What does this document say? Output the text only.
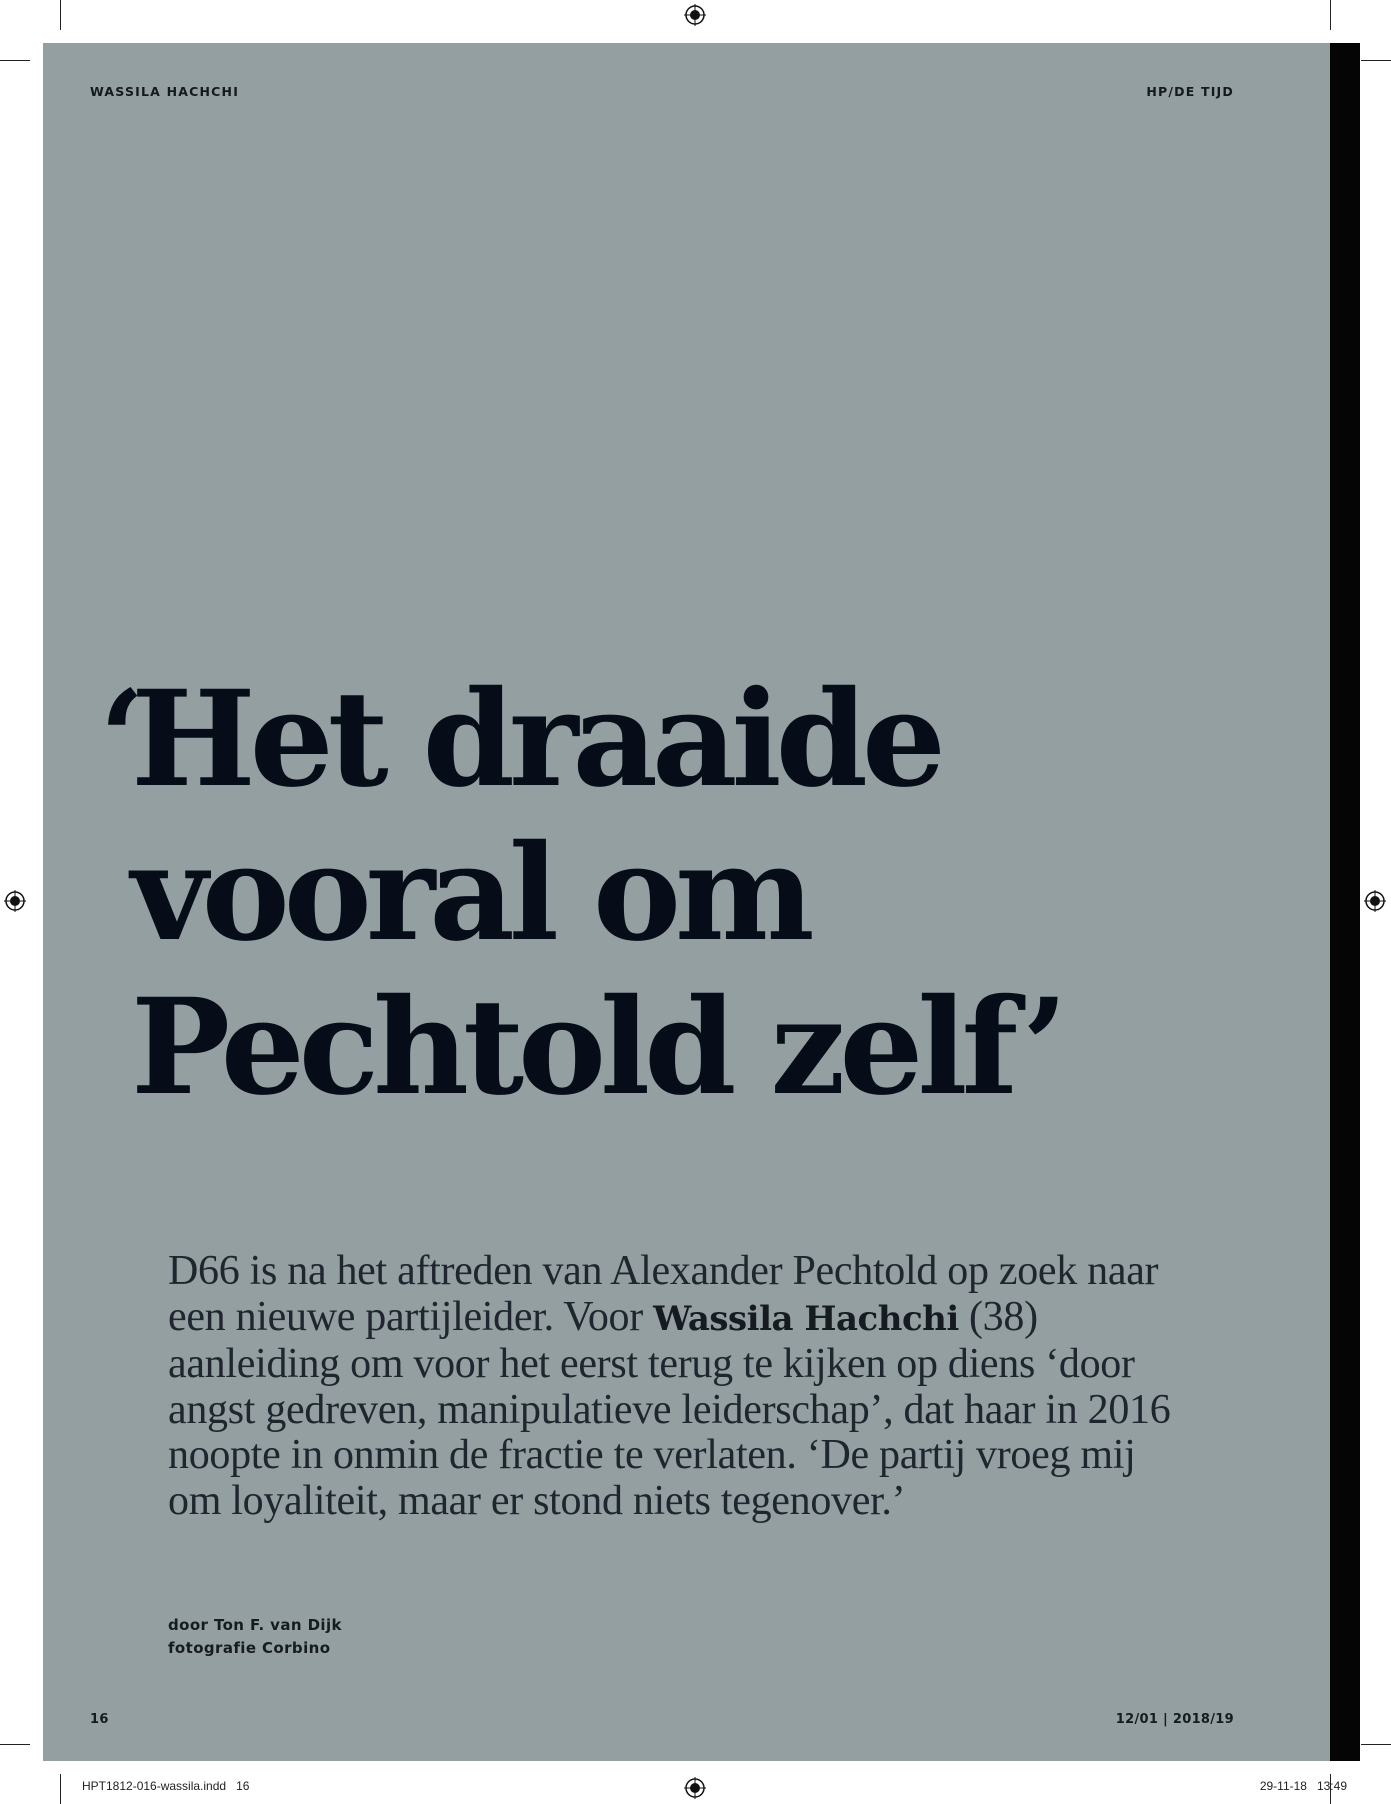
WASSILA HACHCHI	HP/DE TIJD
‘
Het draaide
vooral om
Pechtold zelf’

D66 is na het aftreden van Alexander Pechtold op zoek naar een nieuwe partijleider. Voor Wassila Hachchi (38) aanleiding om voor het eerst terug te kijken op diens ‘door angst gedreven, manipulatieve leiderschap’, dat haar in 2016 noopte in onmin de fractie te verlaten. ‘De partij vroeg mij om loyaliteit, maar er stond niets tegenover.’

door Ton F. van Dijk
fotografie Corbino
16	12/01 | 2018/19
HPT1812-016-wassila.indd   16	29-11-18   13:49
